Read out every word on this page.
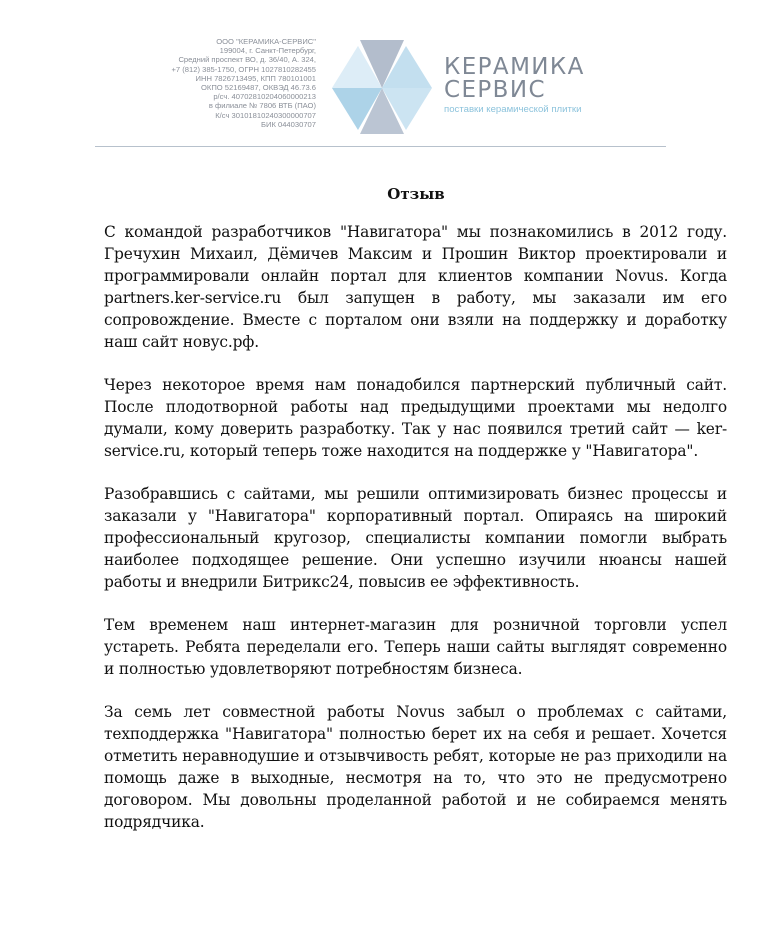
ООО "КЕРАМИКА-СЕРВИС"
199004, г. Санкт-Петербург,
Средний проспект ВО, д. 36/40, А. 324,
+7 (812) 385-1750, ОГРН 1027810282455
ИНН 7826713495, КПП 780101001
ОКПО 52169487, ОКВЭД 46.73.6
р/сч. 40702810204060000213
в филиале № 7806 ВТБ (ПАО)
К/сч 30101810240300000707
БИК 044030707
КЕРАМИКА
СЕРВИС
поставки керамической плитки
Отзыв

С командой разработчиков "Навигатора" мы познакомились в 2012 году. Гречухин Михаил, Дёмичев Максим и Прошин Виктор проектировали и программировали онлайн портал для клиентов компании Novus. Когда partners.ker-service.ru был запущен в работу, мы заказали им его сопровождение. Вместе с порталом они взяли на поддержку и доработку наш сайт новус.рф.

Через некоторое время нам понадобился партнерский публичный сайт. После плодотворной работы над предыдущими проектами мы недолго думали, кому доверить разработку. Так у нас появился третий сайт — ker-service.ru, который теперь тоже находится на поддержке у "Навигатора".

Разобравшись с сайтами, мы решили оптимизировать бизнес процессы и заказали у "Навигатора" корпоративный портал. Опираясь на широкий профессиональный кругозор, специалисты компании помогли выбрать наиболее подходящее решение. Они успешно изучили нюансы нашей работы и внедрили Битрикс24, повысив ее эффективность.

Тем временем наш интернет-магазин для розничной торговли успел устареть. Ребята переделали его. Теперь наши сайты выглядят современно и полностью удовлетворяют потребностям бизнеса.

За семь лет совместной работы Novus забыл о проблемах с сайтами, техподдержка "Навигатора" полностью берет их на себя и решает. Хочется отметить неравнодушие и отзывчивость ребят, которые не раз приходили на помощь даже в выходные, несмотря на то, что это не предусмотрено договором. Мы довольны проделанной работой и не собираемся менять подрядчика.
